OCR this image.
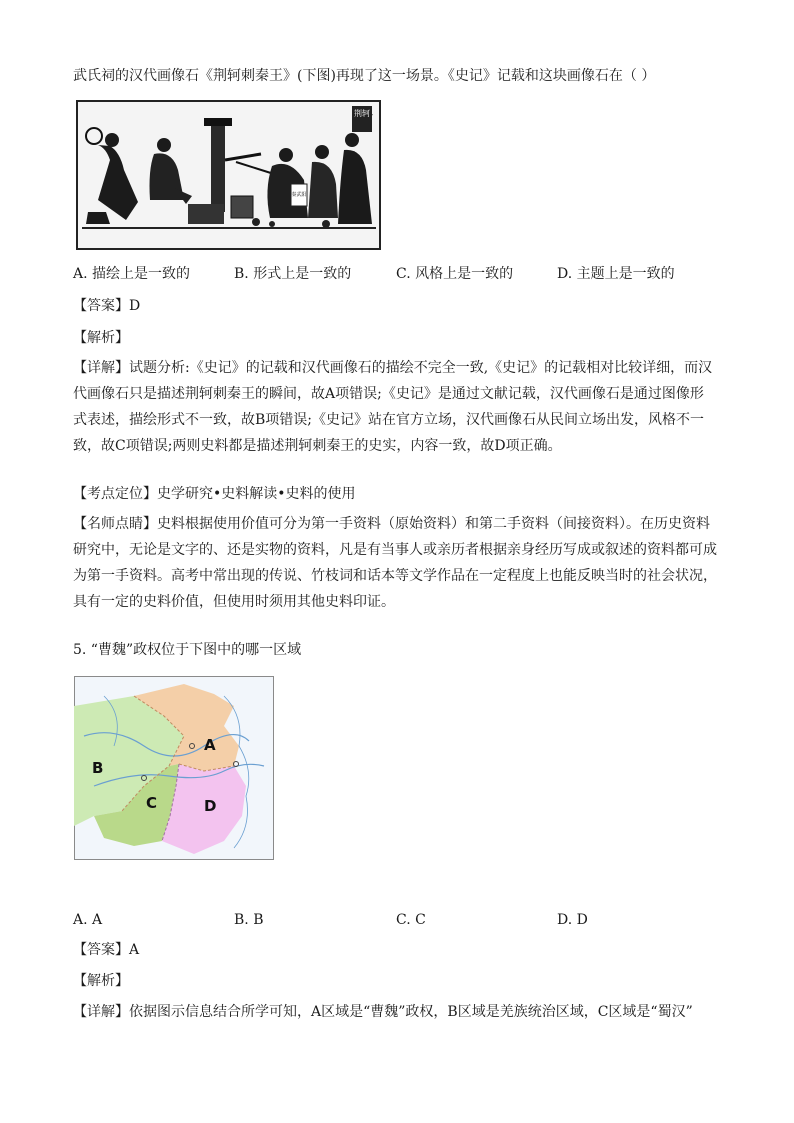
武氏祠的汉代画像石《荆轲刺秦王》(下图)再现了这一场景。《史记》记载和这块画像石在（ ）
荆轲
秦武阳
A. 描绘上是一致的	B. 形式上是一致的	C. 风格上是一致的	D. 主题上是一致的
【答案】D
【解析】

【详解】试题分析:《史记》的记载和汉代画像石的描绘不完全一致,《史记》的记载相对比较详细，而汉

代画像石只是描述荆轲刺秦王的瞬间，故A项错误;《史记》是通过文献记载，汉代画像石是通过图像形

式表述，描绘形式不一致，故B项错误;《史记》站在官方立场，汉代画像石从民间立场出发，风格不一

致，故C项错误;两则史料都是描述荆轲刺秦王的史实，内容一致，故D项正确。

【考点定位】史学研究•史料解读•史料的使用

【名师点睛】史料根据使用价值可分为第一手资料（原始资料）和第二手资料（间接资料）。在历史资料

研究中，无论是文字的、还是实物的资料，凡是有当事人或亲历者根据亲身经历写成或叙述的资料都可成

为第一手资料。高考中常出现的传说、竹枝词和话本等文学作品在一定程度上也能反映当时的社会状况，

具有一定的史料价值，但使用时须用其他史料印证。

5. “曹魏”政权位于下图中的哪一区域
A
B
C	D
A. A	B. B	C. C	D. D
【答案】A
【解析】
【详解】依据图示信息结合所学可知，A区域是“曹魏”政权，B区域是羌族统治区域，C区域是“蜀汉”
